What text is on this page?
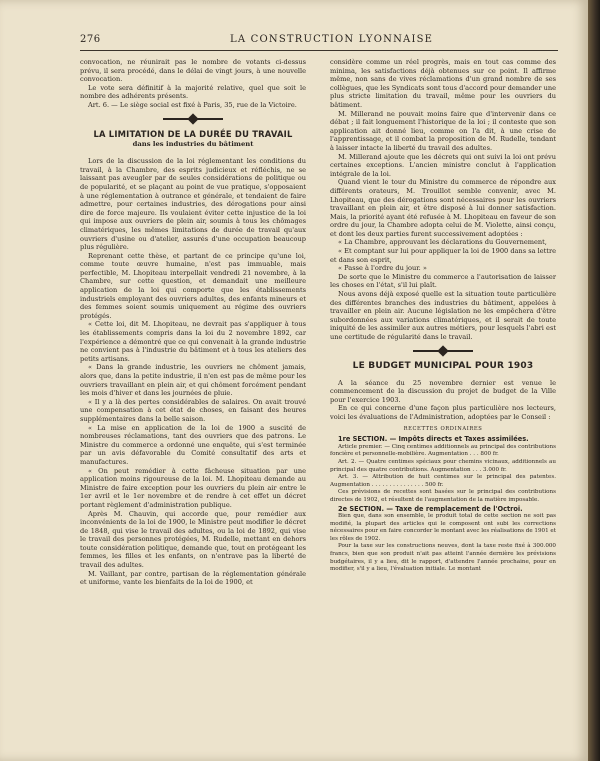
276	LA CONSTRUCTION LYONNAISE

convocation, ne réunirait pas le nombre de votants ci-dessus prévu, il sera procédé, dans le délai de vingt jours, à une nouvelle convocation.

Le vote sera définitif à la majorité relative, quel que soit le nombre des adhérents présents.

Art. 6. — Le siège social est fixé à Paris, 35, rue de la Victoire.

LA LIMITATION DE LA DURÉE DU TRAVAIL
dans les industries du bâtiment

Lors de la discussion de la loi réglementant les conditions du travail, à la Chambre, des esprits judicieux et réfléchis, ne se laissant pas aveugler par de seules considérations de politique ou de popularité, et se plaçant au point de vue pratique, s'opposaient à une réglementation à outrance et générale, et tendaient de faire admettre, pour certaines industries, des dérogations pour ainsi dire de force majeure. Ils voulaient éviter cette injustice de la loi qui impose aux ouvriers de plein air, soumis à tous les chômages climatériques, les mêmes limitations de durée de travail qu'aux ouvriers d'usine ou d'atelier, assurés d'une occupation beaucoup plus régulière.

Reprenant cette thèse, et partant de ce principe qu'une loi, comme toute œuvre humaine, n'est pas immuable, mais perfectible, M. Lhopiteau interpellait vendredi 21 novembre, à la Chambre, sur cette question, et demandait une meilleure application de la loi qui comporte que les établissements industriels employant des ouvriers adultes, des enfants mineurs et des femmes soient soumis uniquement au régime des ouvriers protégés.

« Cette loi, dit M. Lhopiteau, ne devrait pas s'appliquer à tous les établissements compris dans la loi du 2 novembre 1892, car l'expérience a démontré que ce qui convenait à la grande industrie ne convient pas à l'industrie du bâtiment et à tous les ateliers des petits artisans.

« Dans la grande industrie, les ouvriers ne chôment jamais, alors que, dans la petite industrie, il n'en est pas de même pour les ouvriers travaillant en plein air, et qui chôment forcément pendant les mois d'hiver et dans les journées de pluie.

« Il y a là des pertes considérables de salaires. On avait trouvé une compensation à cet état de choses, en faisant des heures supplémentaires dans la belle saison.

« La mise en application de la loi de 1900 a suscité de nombreuses réclamations, tant des ouvriers que des patrons. Le Ministre du commerce a ordonné une enquête, qui s'est terminée par un avis défavorable du Comité consultatif des arts et manufactures.

« On peut remédier à cette fâcheuse situation par une application moins rigoureuse de la loi. M. Lhopiteau demande au Ministre de faire exception pour les ouvriers du plein air entre le 1er avril et le 1er novembre et de rendre à cet effet un décret portant règlement d'administration publique.

Après M. Chauvin, qui accorde que, pour remédier aux inconvénients de la loi de 1900, le Ministre peut modifier le décret de 1848, qui vise le travail des adultes, ou la loi de 1892, qui vise le travail des personnes protégées, M. Rudelle, mettant en dehors toute considération politique, demande que, tout en protégeant les femmes, les filles et les enfants, on n'entrave pas la liberté de travail des adultes.

M. Vaillant, par contre, partisan de la réglementation générale et uniforme, vante les bienfaits de la loi de 1900, et

considère comme un réel progrès, mais en tout cas comme des minima, les satisfactions déjà obtenues sur ce point. Il affirme même, non sans de vives réclamations d'un grand nombre de ses collègues, que les Syndicats sont tous d'accord pour demander une plus stricte limitation du travail, même pour les ouvriers du bâtiment.

M. Millerand ne pouvait moins faire que d'intervenir dans ce débat ; il fait longuement l'historique de la loi ; il conteste que son application ait donné lieu, comme on l'a dit, à une crise de l'apprentissage, et il combat la proposition de M. Rudelle, tendant à laisser intacte la liberté du travail des adultes.

M. Millerand ajoute que les décrets qui ont suivi la loi ont prévu certaines exceptions. L'ancien ministre conclut à l'application intégrale de la loi.

Quand vient le tour du Ministre du commerce de répondre aux différents orateurs, M. Trouillot semble convenir, avec M. Lhopiteau, que des dérogations sont nécessaires pour les ouvriers travaillant en plein air, et être disposé à lui donner satisfaction. Mais, la priorité ayant été refusée à M. Lhopiteau en faveur de son ordre du jour, la Chambre adopta celui de M. Violette, ainsi conçu, et dont les deux parties furent successivement adoptées :

« La Chambre, approuvant les déclarations du Gouvernement,

« Et comptant sur lui pour appliquer la loi de 1900 dans sa lettre et dans son esprit,

« Passe à l'ordre du jour. »

De sorte que le Ministre du commerce a l'autorisation de laisser les choses en l'état, s'il lui plaît.

Nous avons déjà exposé quelle est la situation toute particulière des différentes branches des industries du bâtiment, appelées à travailler en plein air. Aucune législation ne les empêchera d'être subordonnées aux variations climatériques, et il serait de toute iniquité de les assimiler aux autres métiers, pour lesquels l'abri est une certitude de régularité dans le travail.

LE BUDGET MUNICIPAL POUR 1903

A la séance du 25 novembre dernier est venue le commencement de la discussion du projet de budget de la Ville pour l'exercice 1903.

En ce qui concerne d'une façon plus particulière nos lecteurs, voici les évaluations de l'Administration, adoptées par le Conseil :

RECETTES ORDINAIRES

1re SECTION. — Impôts directs et Taxes assimilées.

Article premier. — Cinq centimes additionnels au principal des contributions foncière et personnelle-mobilière. Augmentation . . . 800 fr.

Art. 2. — Quatre centimes spéciaux pour chemins vicinaux, additionnels au principal des quatre contributions. Augmentation . . . 3.000 fr.

Art. 3. — Attribution de huit centimes sur le principal des patentes. Augmentation . . . . . . . . . . . . . . . 500 fr.

Ces prévisions de recettes sont basées sur le principal des contributions directes de 1902, et résultent de l'augmentation de la matière imposable.

2e SECTION. — Taxe de remplacement de l'Octroi.

Bien que, dans son ensemble, le produit total de cette section ne soit pas modifié, la plupart des articles qui le composent ont subi les corrections nécessaires pour en faire concorder le montant avec les réalisations de 1901 et les rôles de 1902.

Pour la taxe sur les constructions neuves, dont la taxe reste fixé à 300.000 francs, bien que son produit n'ait pas atteint l'année dernière les prévisions budgétaires, il y a lieu, dit le rapport, d'attendre l'année prochaine, pour en modifier, s'il y a lieu, l'évaluation initiale. Le montant
